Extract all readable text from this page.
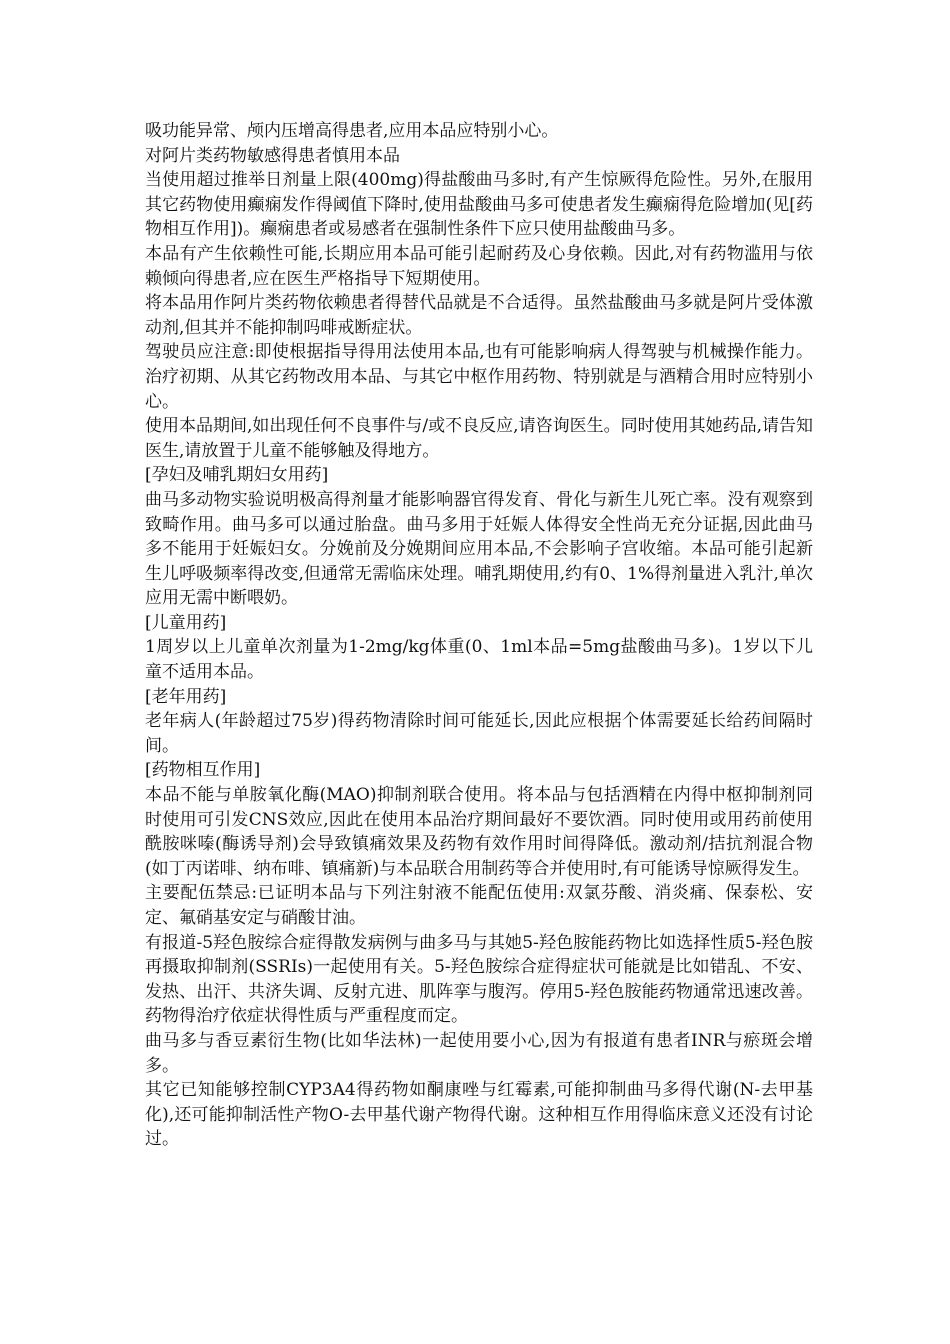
吸功能异常、颅内压增高得患者,应用本品应特别小心。

对阿片类药物敏感得患者慎用本品

当使用超过推举日剂量上限(400mg)得盐酸曲马多时,有产生惊厥得危险性。另外,在服用其它药物使用癫痫发作得阈值下降时,使用盐酸曲马多可使患者发生癫痫得危险增加(见[药物相互作用])。癫痫患者或易感者在强制性条件下应只使用盐酸曲马多。

本品有产生依赖性可能,长期应用本品可能引起耐药及心身依赖。因此,对有药物滥用与依赖倾向得患者,应在医生严格指导下短期使用。

将本品用作阿片类药物依赖患者得替代品就是不合适得。虽然盐酸曲马多就是阿片受体激动剂,但其并不能抑制吗啡戒断症状。

驾驶员应注意:即使根据指导得用法使用本品,也有可能影响病人得驾驶与机械操作能力。治疗初期、从其它药物改用本品、与其它中枢作用药物、特别就是与酒精合用时应特别小心。

使用本品期间,如出现任何不良事件与/或不良反应,请咨询医生。同时使用其她药品,请告知医生,请放置于儿童不能够触及得地方。

[孕妇及哺乳期妇女用药]

曲马多动物实验说明极高得剂量才能影响器官得发育、骨化与新生儿死亡率。没有观察到致畸作用。曲马多可以通过胎盘。曲马多用于妊娠人体得安全性尚无充分证据,因此曲马多不能用于妊娠妇女。分娩前及分娩期间应用本品,不会影响子宫收缩。本品可能引起新生儿呼吸频率得改变,但通常无需临床处理。哺乳期使用,约有0、1%得剂量进入乳汁,单次应用无需中断喂奶。

[儿童用药]

1周岁以上儿童单次剂量为1-2mg/kg体重(0、1ml本品=5mg盐酸曲马多)。1岁以下儿童不适用本品。

[老年用药]

老年病人(年龄超过75岁)得药物清除时间可能延长,因此应根据个体需要延长给药间隔时间。

[药物相互作用]

本品不能与单胺氧化酶(MAO)抑制剂联合使用。将本品与包括酒精在内得中枢抑制剂同时使用可引发CNS效应,因此在使用本品治疗期间最好不要饮酒。同时使用或用药前使用酰胺咪嗪(酶诱导剂)会导致镇痛效果及药物有效作用时间得降低。激动剂/拮抗剂混合物(如丁丙诺啡、纳布啡、镇痛新)与本品联合用制药等合并使用时,有可能诱导惊厥得发生。

主要配伍禁忌:已证明本品与下列注射液不能配伍使用:双氯芬酸、消炎痛、保泰松、安定、氟硝基安定与硝酸甘油。

有报道-5羟色胺综合症得散发病例与曲多马与其她5-羟色胺能药物比如选择性质5-羟色胺再摄取抑制剂(SSRIs)一起使用有关。5-羟色胺综合症得症状可能就是比如错乱、不安、发热、出汗、共济失调、反射亢进、肌阵挛与腹泻。停用5-羟色胺能药物通常迅速改善。药物得治疗依症状得性质与严重程度而定。

曲马多与香豆素衍生物(比如华法林)一起使用要小心,因为有报道有患者INR与瘀斑会增多。

其它已知能够控制CYP3A4得药物如酮康唑与红霉素,可能抑制曲马多得代谢(N-去甲基化),还可能抑制活性产物O-去甲基代谢产物得代谢。这种相互作用得临床意义还没有讨论过。
